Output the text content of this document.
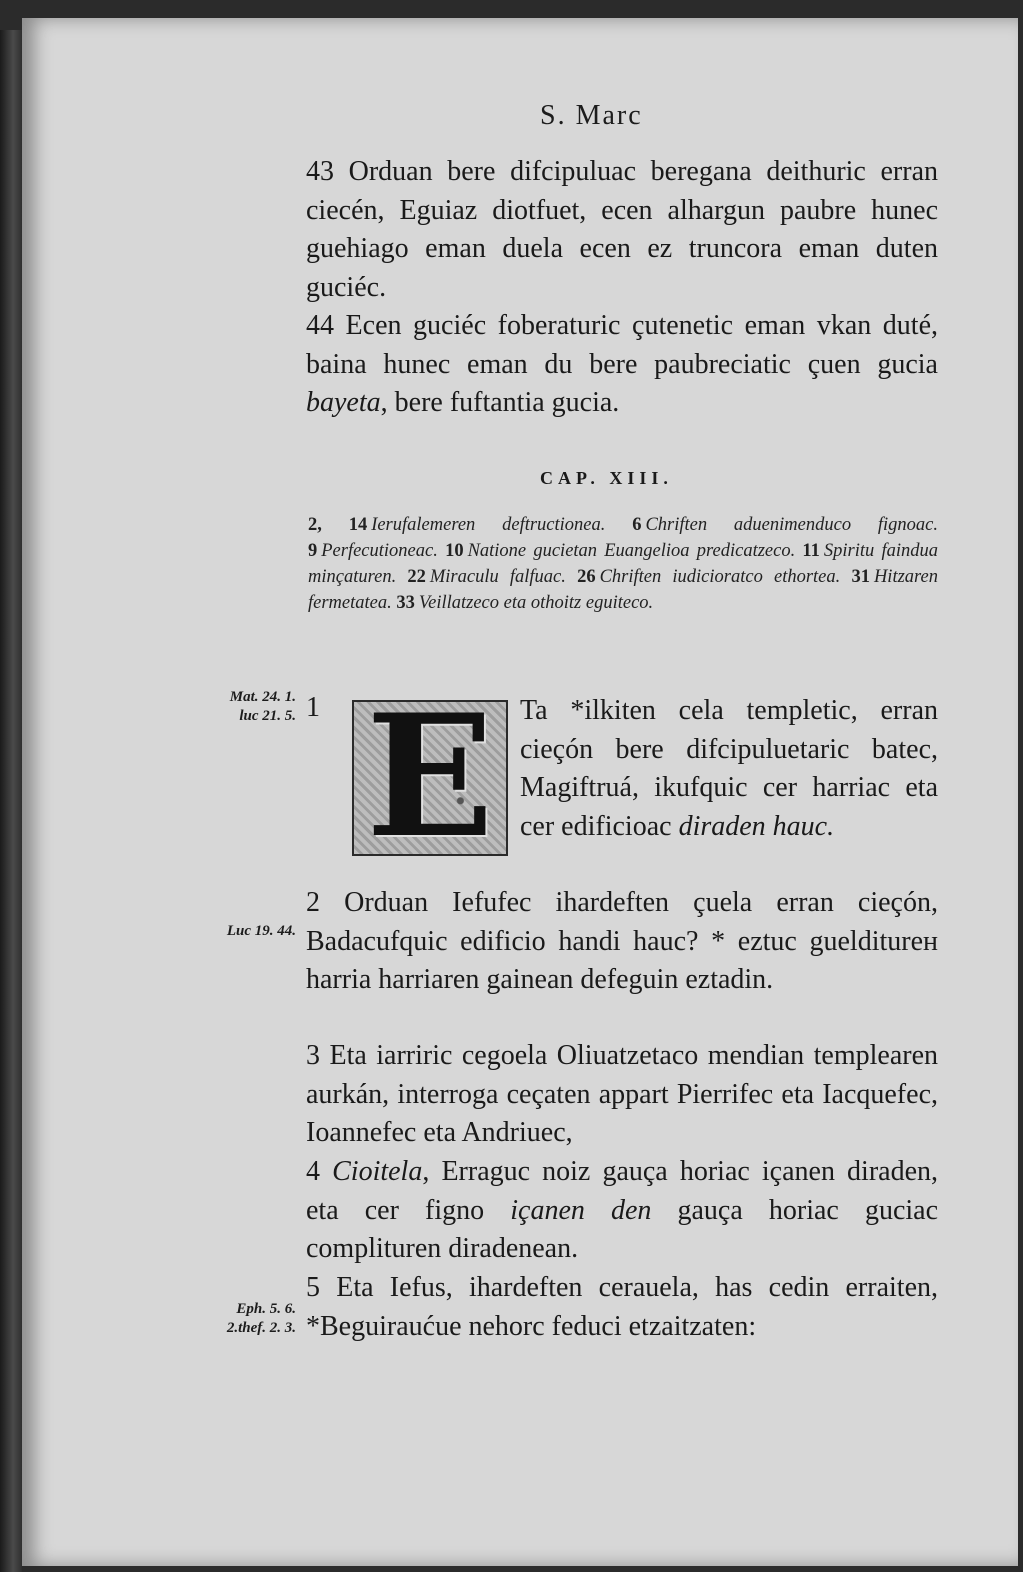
S. Marc

43 Orduan bere difcipuluac beregana deithuric erran ciecén, Eguiaz diotfuet, ecen alhargun paubre hunec guehiago eman duela ecen ez truncora eman duten guciéc.

44 Ecen guciéc foberaturic çutenetic eman vkan duté, baina hunec eman du bere paubreciatic çuen gucia bayeta, bere fuftantia gucia.

CAP. XIII.
2, 14 Ierufalemeren deftructionea. 6 Chriften aduenimenduco fignoac. 9 Perfecutioneac. 10 Natione gucietan Euangelioa predicatzeco. 11 Spiritu faindua minçaturen. 22 Miraculu falfuac. 26 Chriften iudicioratco ethortea. 31 Hitzaren fermetatea. 33 Veillatzeco eta othoitz eguiteco.
Mat. 24. 1.
luc 21. 5.
Luc 19. 44.
Eph. 5. 6.
2.thef. 2. 3.
1 E Ta *ilkiten cela templetic, erran cieçón bere difcipuluetaric batec, Magiftruá, ikufquic cer harriac eta cer edificioac diraden hauc.

2 Orduan Iefufec ihardeften çuela erran cieçón, Badacufquic edificio handi hauc? * eztuc guelditurен harria harriaren gainean defeguin eztadin.

3 Eta iarriric cegoela Oliuatzetaco mendian templearen aurkán, interroga ceçaten appart Pierrifec eta Iacquefec, Ioannefec eta Andriuec,

4 Cioitela, Erraguc noiz gauça horiac içanen diraden, eta cer figno içanen den gauça horiac guciac complituren diradenean.

5 Eta Iefus, ihardeften cerauela, has cedin erraiten, *Beguiraućue nehorc feduci etzaitzaten:
